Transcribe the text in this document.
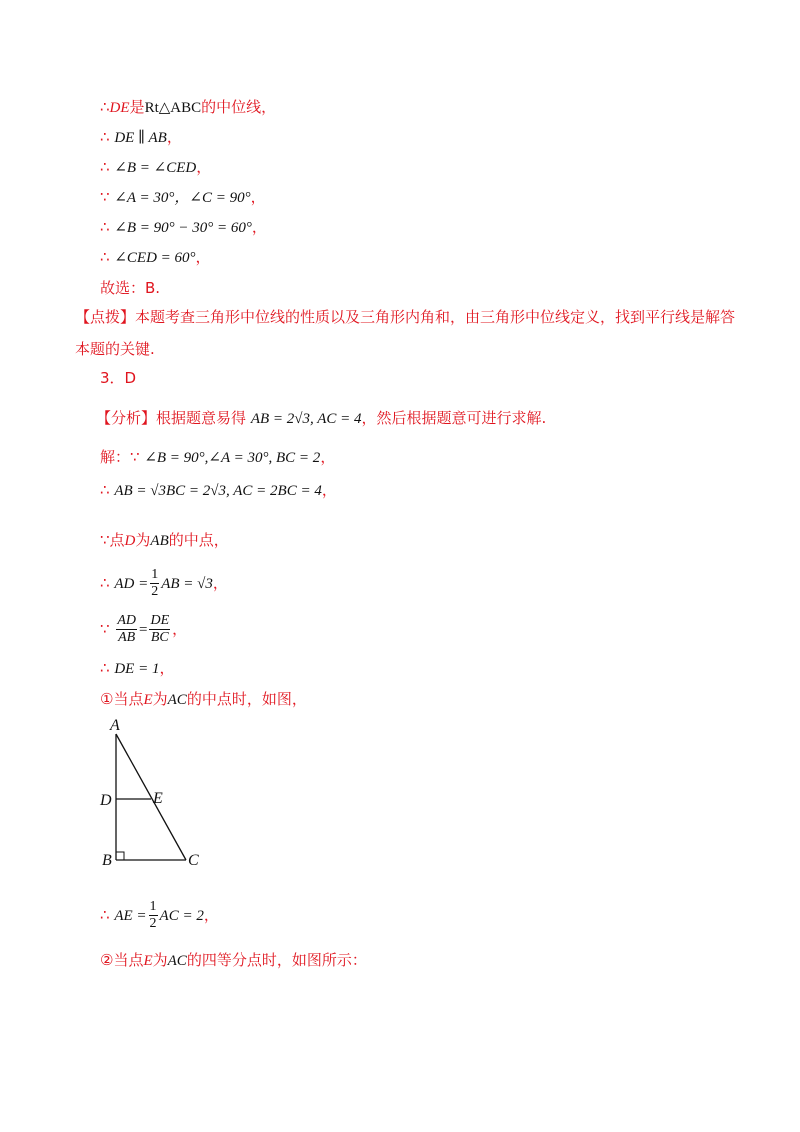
∴DE是Rt△ABC的中位线，
∴ DE ∥ AB，
∴ ∠B = ∠CED，
∵ ∠A = 30°，∠C = 90°，
∴ ∠B = 90° − 30° = 60°，
∴ ∠CED = 60°，
故选：B.
【点拨】本题考查三角形中位线的性质以及三角形内角和，由三角形中位线定义，找到平行线是解答
本题的关键.
3．D
【分析】根据题意易得 AB = 2√3, AC = 4，然后根据题意可进行求解.
解：∵ ∠B = 90°,∠A = 30°, BC = 2，
∴ AB = √3BC = 2√3, AC = 2BC = 4，
∵点D为AB的中点，
∴ AD = $\frac{1}{2}$ AB = √3，
∵ $\frac{AD}{AB} = \frac{DE}{BC}$ ，
∴ DE = 1，
①当点E为AC的中点时，如图，
A
D	E
B	C
∴ AE = $\frac{1}{2}$ AC = 2，
②当点E为AC的四等分点时，如图所示：
